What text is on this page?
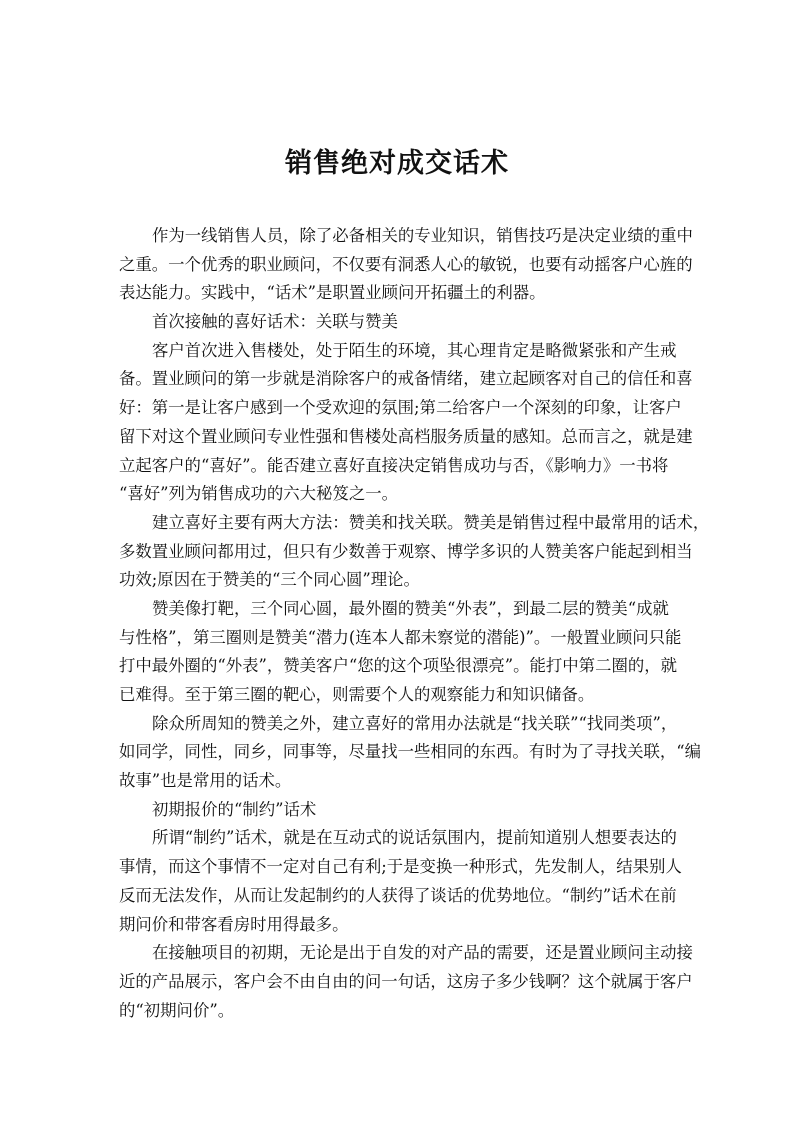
销售绝对成交话术
作为一线销售人员，除了必备相关的专业知识，销售技巧是决定业绩的重中
之重。一个优秀的职业顾问，不仅要有洞悉人心的敏锐，也要有动摇客户心旌的
表达能力。实践中，“话术”是职置业顾问开拓疆土的利器。
首次接触的喜好话术：关联与赞美
客户首次进入售楼处，处于陌生的环境，其心理肯定是略微紧张和产生戒
备。置业顾问的第一步就是消除客户的戒备情绪，建立起顾客对自己的信任和喜
好：第一是让客户感到一个受欢迎的氛围;第二给客户一个深刻的印象，让客户
留下对这个置业顾问专业性强和售楼处高档服务质量的感知。总而言之，就是建
立起客户的“喜好”。能否建立喜好直接决定销售成功与否，《影响力》一书将
“喜好”列为销售成功的六大秘笈之一。
建立喜好主要有两大方法：赞美和找关联。赞美是销售过程中最常用的话术，
多数置业顾问都用过，但只有少数善于观察、博学多识的人赞美客户能起到相当
功效;原因在于赞美的“三个同心圆”理论。
赞美像打靶，三个同心圆，最外圈的赞美“外表”，到最二层的赞美“成就
与性格”，第三圈则是赞美“潜力(连本人都未察觉的潜能)”。一般置业顾问只能
打中最外圈的“外表”，赞美客户“您的这个项坠很漂亮”。能打中第二圈的，就
已难得。至于第三圈的靶心，则需要个人的观察能力和知识储备。
除众所周知的赞美之外，建立喜好的常用办法就是“找关联”“找同类项”，
如同学，同性，同乡，同事等，尽量找一些相同的东西。有时为了寻找关联，“编
故事”也是常用的话术。
初期报价的“制约”话术
所谓“制约”话术，就是在互动式的说话氛围内，提前知道别人想要表达的
事情，而这个事情不一定对自己有利;于是变换一种形式，先发制人，结果别人
反而无法发作，从而让发起制约的人获得了谈话的优势地位。“制约”话术在前
期问价和带客看房时用得最多。
在接触项目的初期，无论是出于自发的对产品的需要，还是置业顾问主动接
近的产品展示，客户会不由自由的问一句话，这房子多少钱啊？这个就属于客户
的“初期问价”。
